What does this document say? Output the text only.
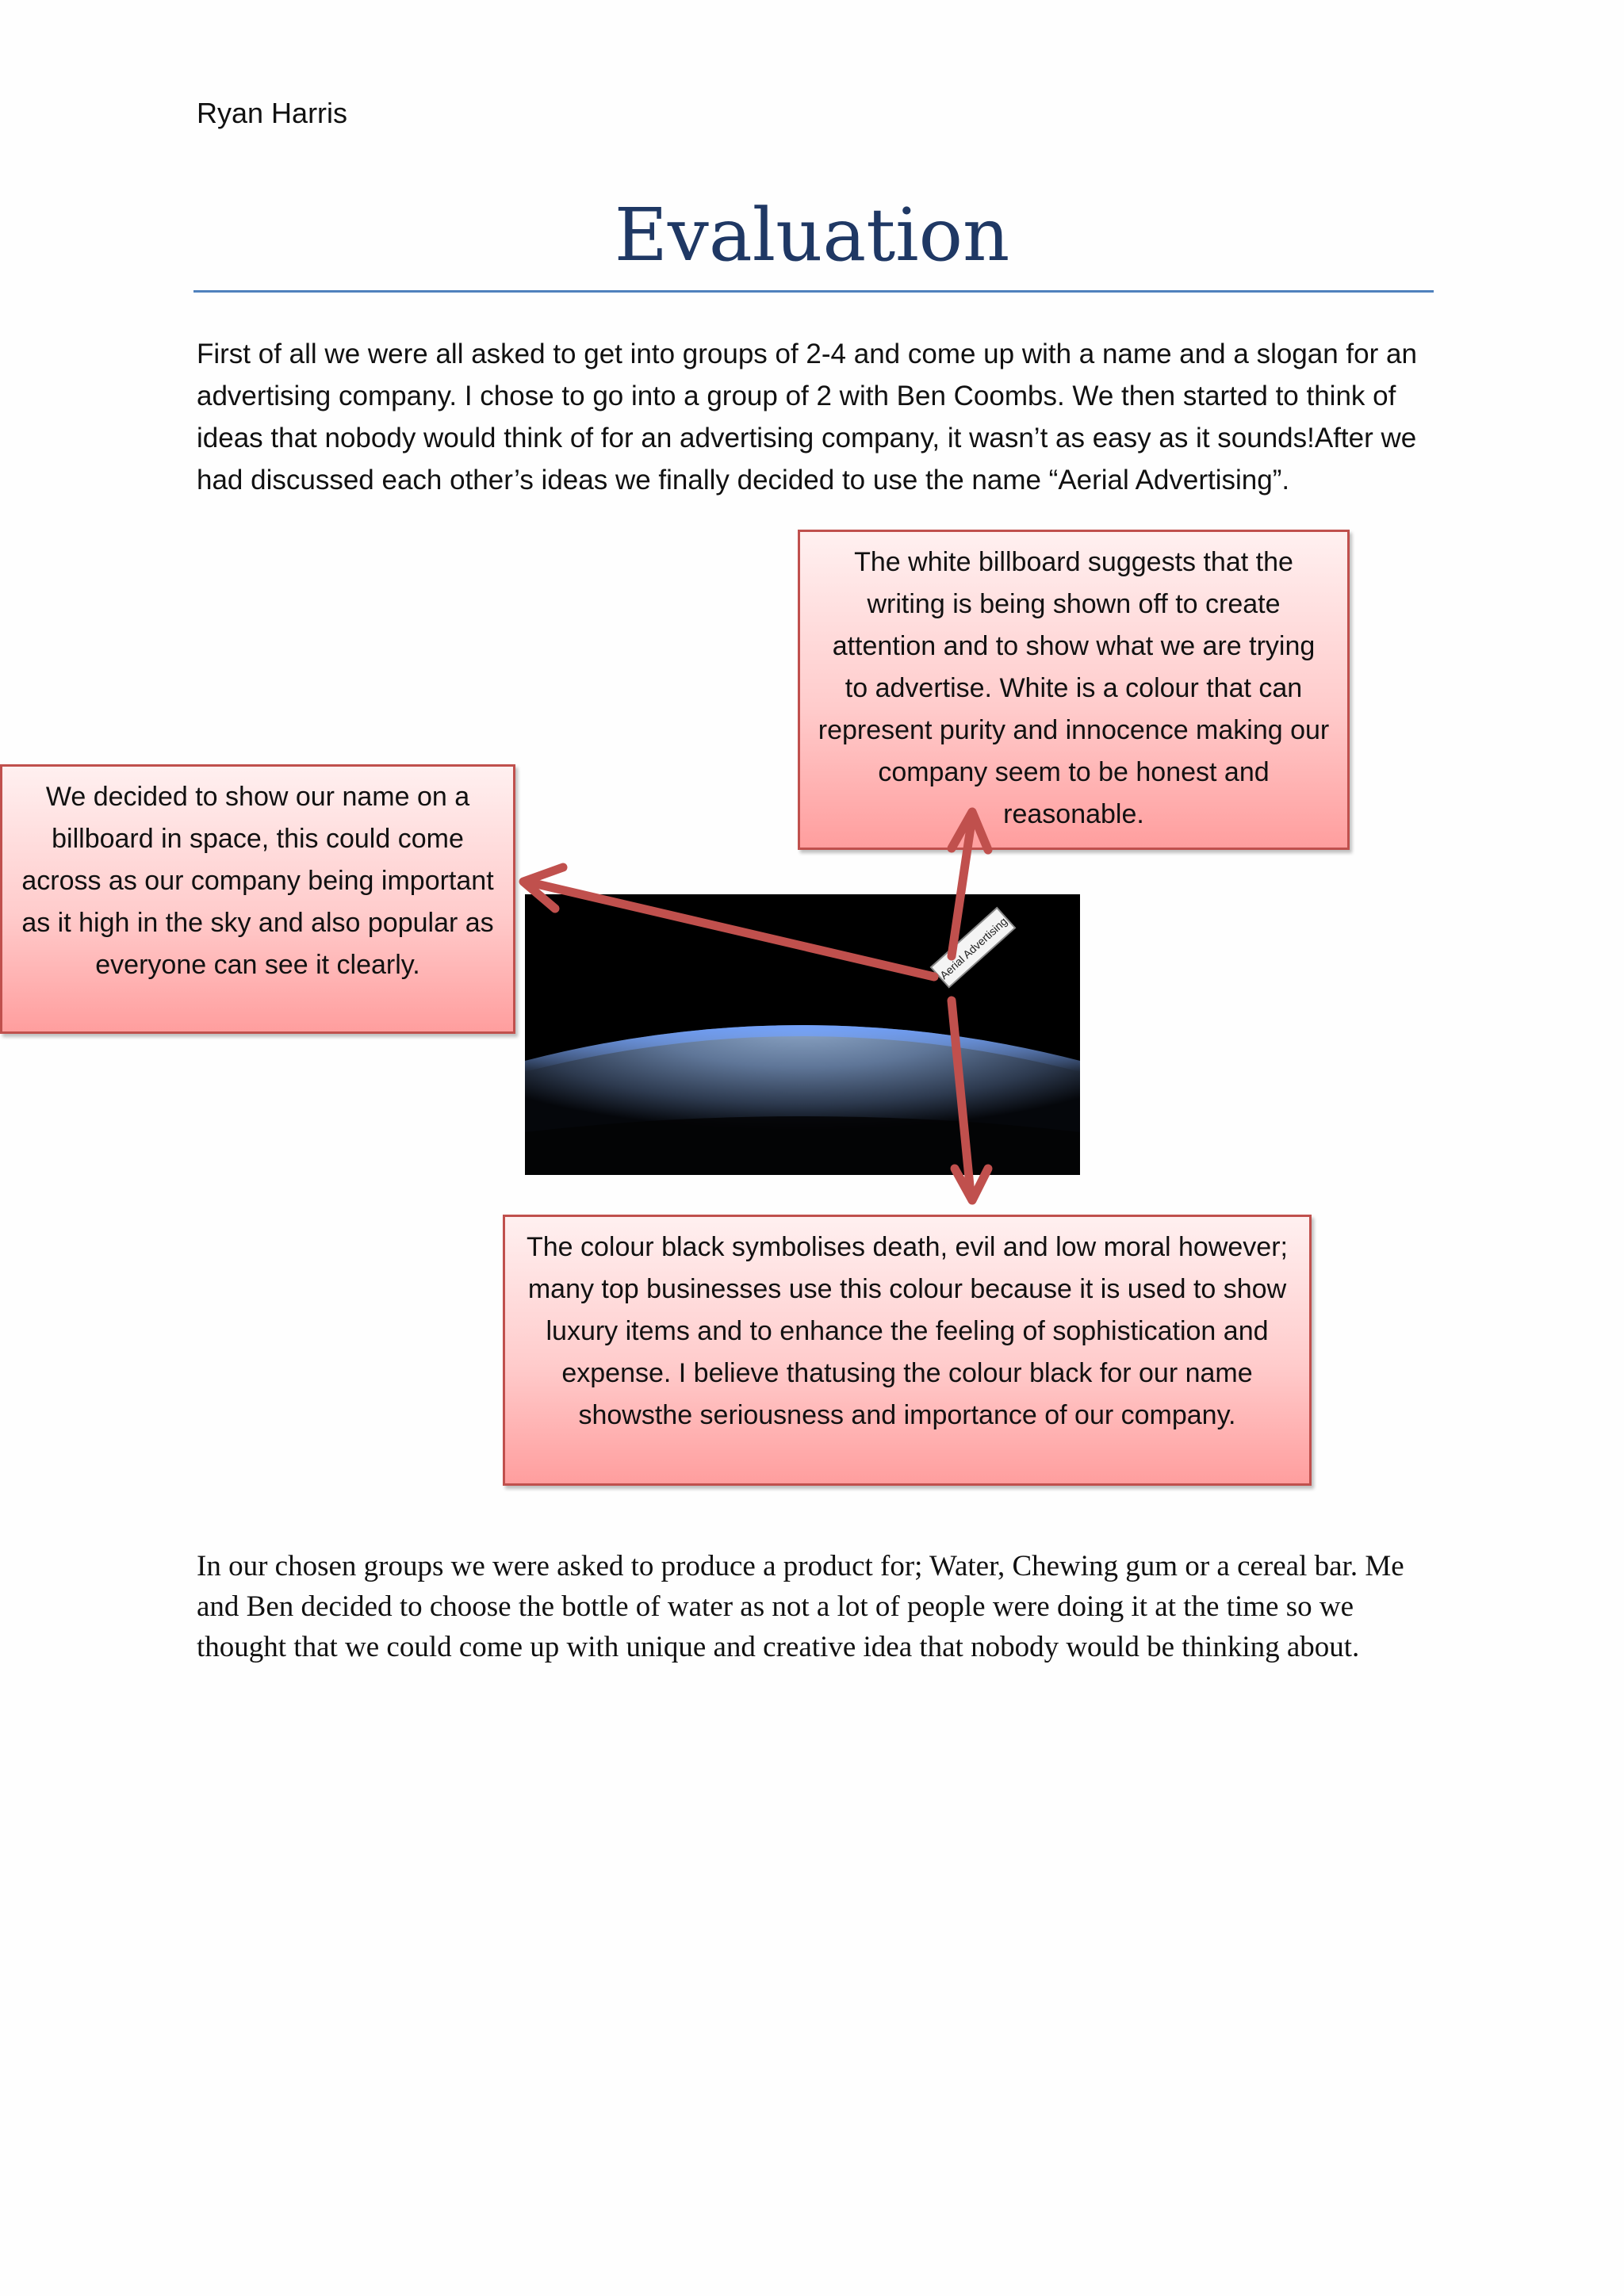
Ryan Harris
Evaluation
First of all we were all asked to get into groups of 2-4 and come up with a name and a slogan for an advertising company. I chose to go into a group of 2 with Ben Coombs. We then started to think of ideas that nobody would think of for an advertising company, it wasn’t as easy as it sounds!After we had discussed each other’s ideas we finally decided to use the name “Aerial Advertising”.
The white billboard suggests that the writing is being shown off to create attention and to show what we are trying to advertise. White is a colour that can represent purity and innocence making our company seem to be honest and reasonable.
We decided to show our name on a billboard in space, this could come across as our company being important as it high in the sky and also popular as everyone can see it clearly.	Aerial Advertising
The colour black symbolises death, evil and low moral however; many top businesses use this colour because it is used to show luxury items and to enhance the feeling of sophistication and expense. I believe thatusing the colour black for our name showsthe seriousness and importance of our company.
In our chosen groups we were asked to produce a product for; Water, Chewing gum or a cereal bar. Me and Ben decided to choose the bottle of water as not a lot of people were doing it at the time so we thought that we could come up with unique and creative idea that nobody would be thinking about.
